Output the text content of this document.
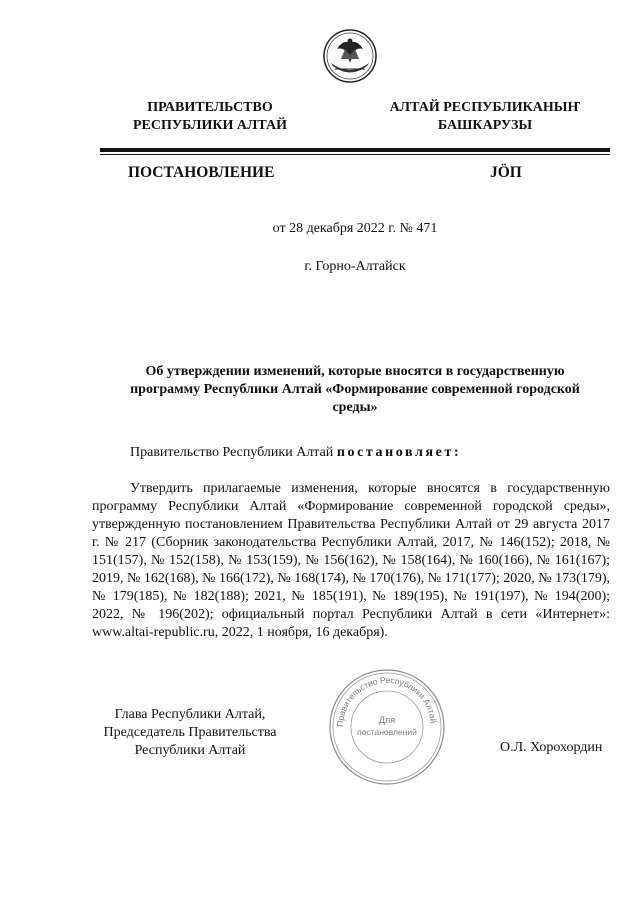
ПРАВИТЕЛЬСТВО
РЕСПУБЛИКИ АЛТАЙ
АЛТАЙ РЕСПУБЛИКАНЫҤ
БАШКАРУЗЫ
ПОСТАНОВЛЕНИЕ	JÖП
от 28 декабря 2022 г. № 471
г. Горно-Алтайск
Об утверждении изменений, которые вносятся в государственную программу Республики Алтай «Формирование современной городской среды»
Правительство Республики Алтай постановляет:
Утвердить прилагаемые изменения, которые вносятся в государственную программу Республики Алтай «Формирование современной городской среды», утвержденную постановлением Правительства Республики Алтай от 29 августа 2017 г. № 217 (Сборник законодательства Республики Алтай, 2017, № 146(152); 2018, № 151(157), № 152(158), № 153(159), № 156(162), № 158(164), № 160(166), № 161(167); 2019, № 162(168), № 166(172), № 168(174), № 170(176), № 171(177); 2020, № 173(179), № 179(185), № 182(188); 2021, № 185(191), № 189(195), № 191(197), № 194(200); 2022, № 196(202); официальный портал Республики Алтай в сети «Интернет»: www.altai-republic.ru, 2022, 1 ноября, 16 декабря).
Глава Республики Алтай,
Председатель Правительства
Республики Алтай	О.Л. Хорохордин
Правительство Республики Алтай
Для
постановлений
